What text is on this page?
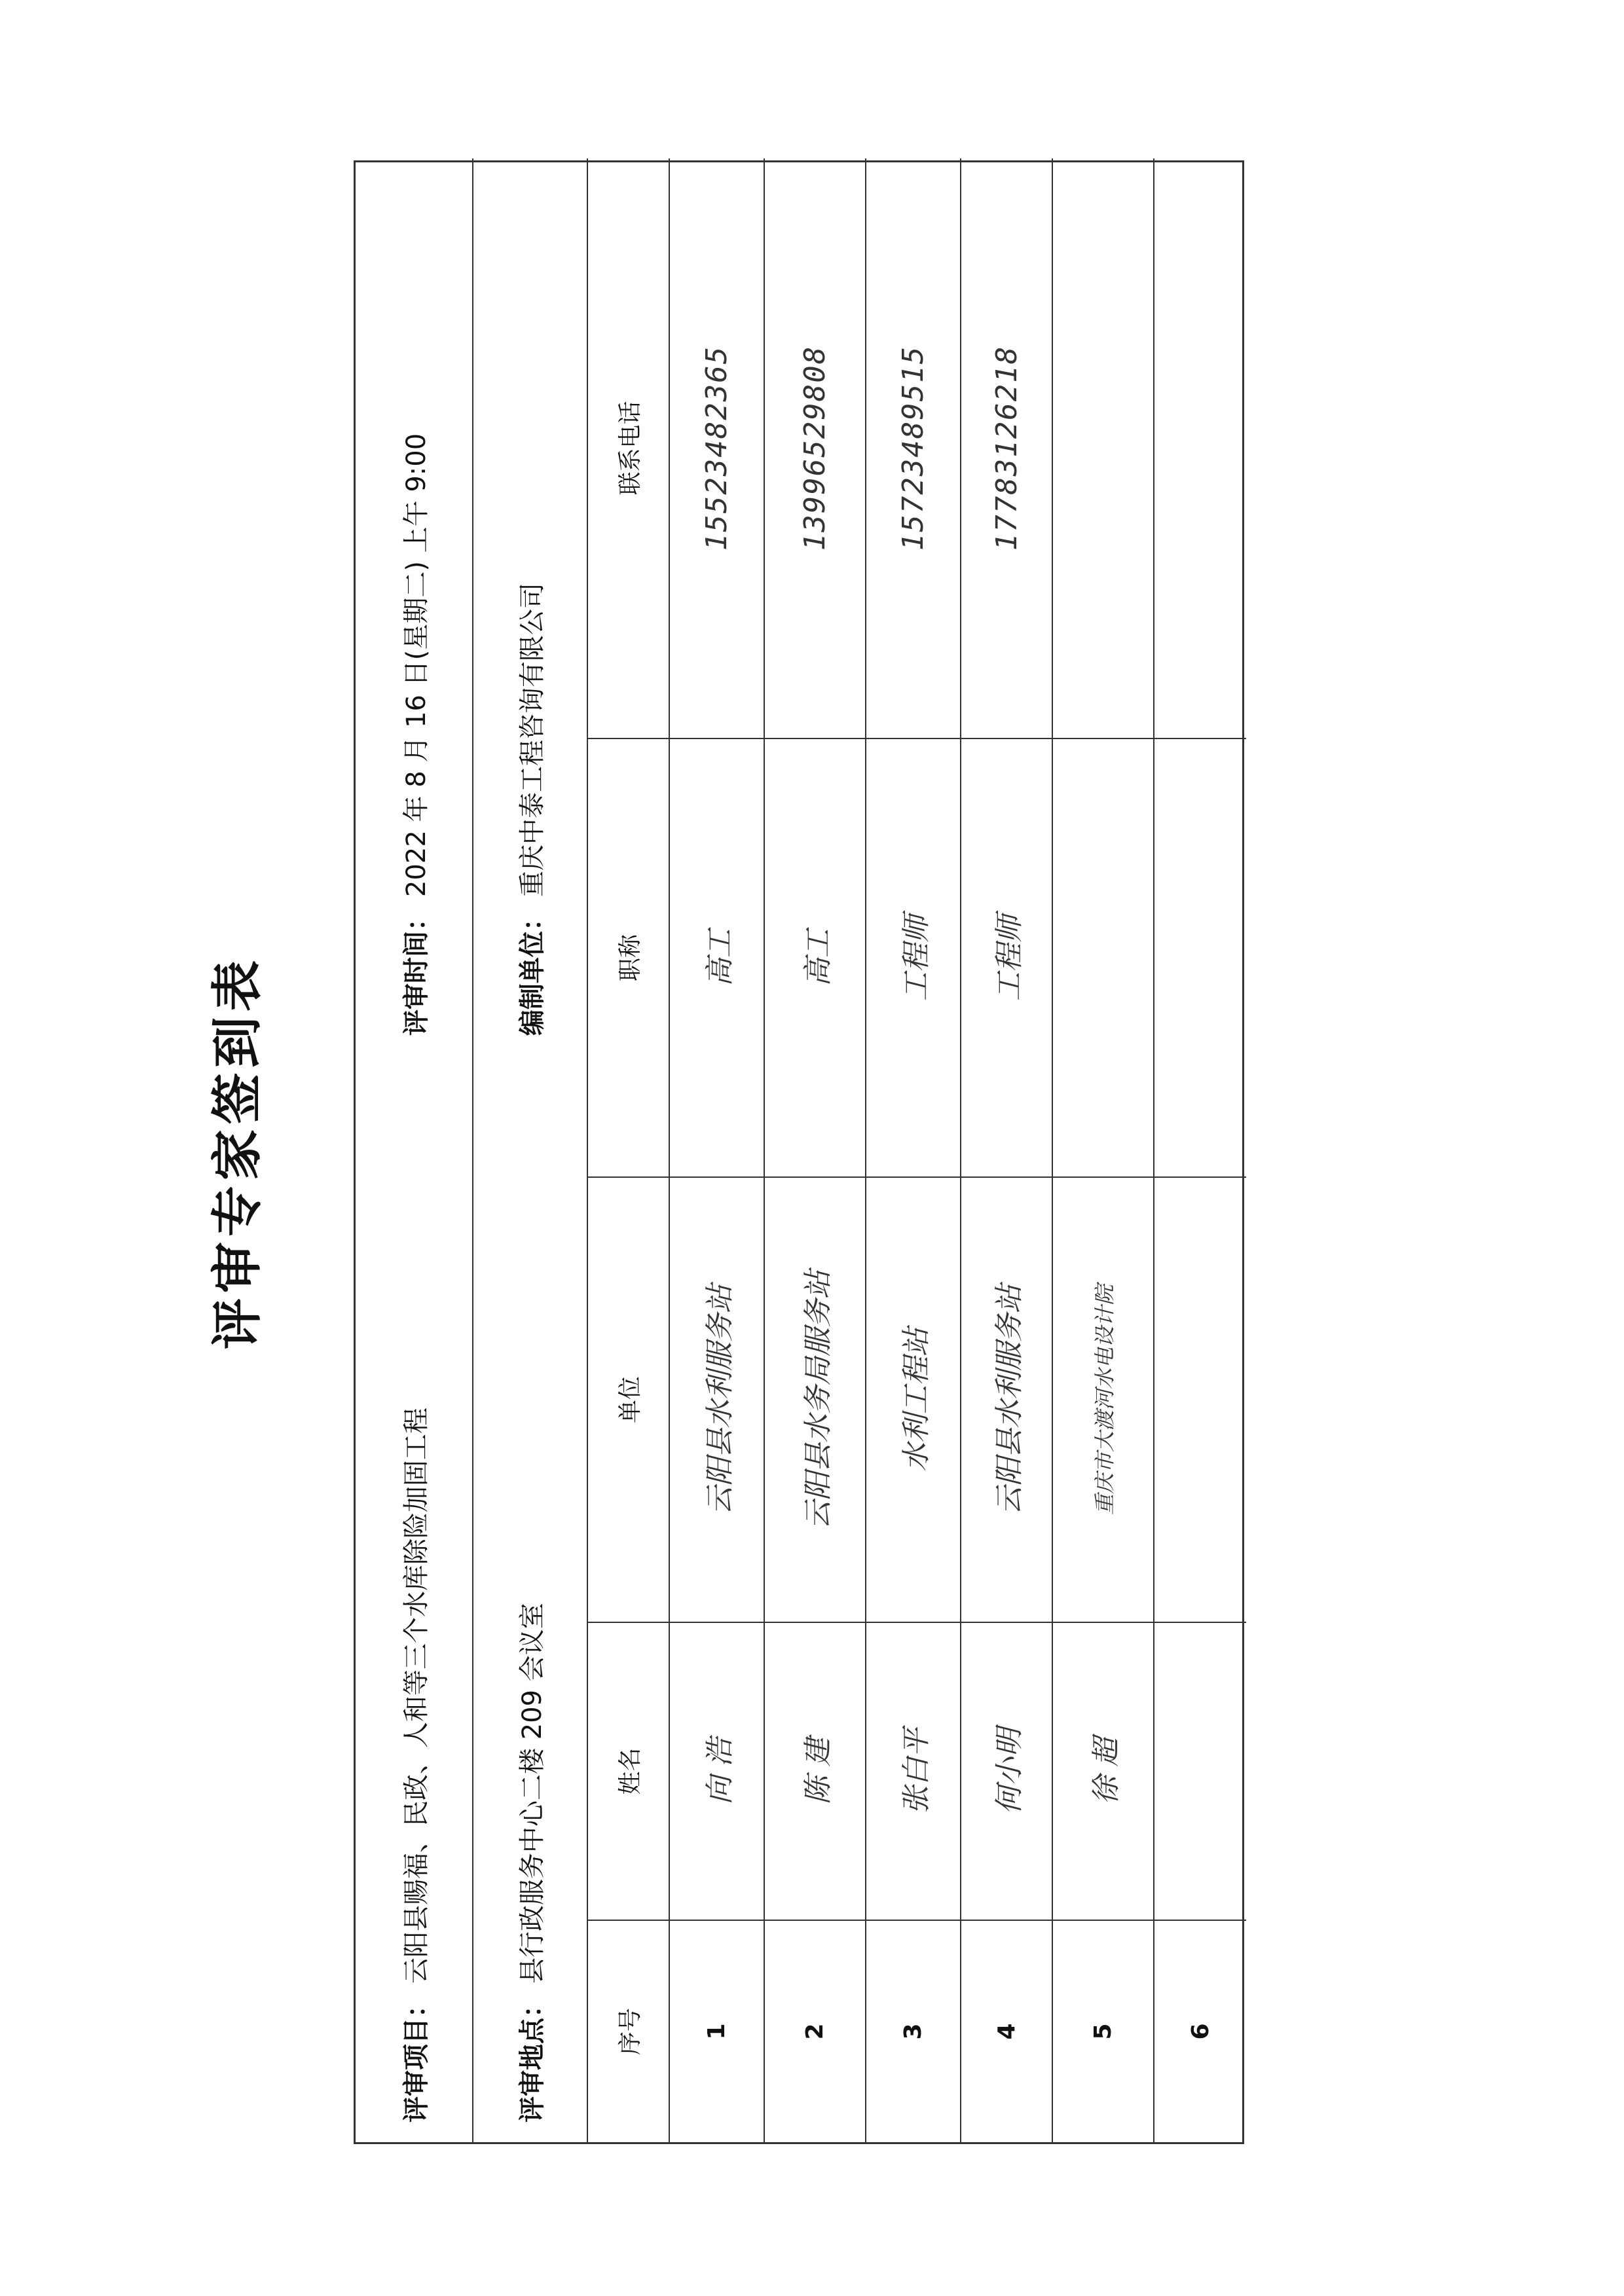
评审专家签到表
评审项目：
云阳县赐福、民政、人和等三个水库除险加固工程
评审时间：
2022 年 8 月 16 日(星期二) 上午 9:00
评审地点：
县行政服务中心二楼 209 会议室
编制单位：
重庆中泰工程咨询有限公司
序号
姓名
单位
职称
联系电话
1
向 浩
云阳县水利服务站
高工
15523482365
2
陈 建
云阳县水务局服务站
高工
13996529808
3
张白平
水利工程站
工程师
15723489515
4
何小明
云阳县水利服务站
工程师
17783126218
5
徐 超
重庆市大渡河水电设计院
6
